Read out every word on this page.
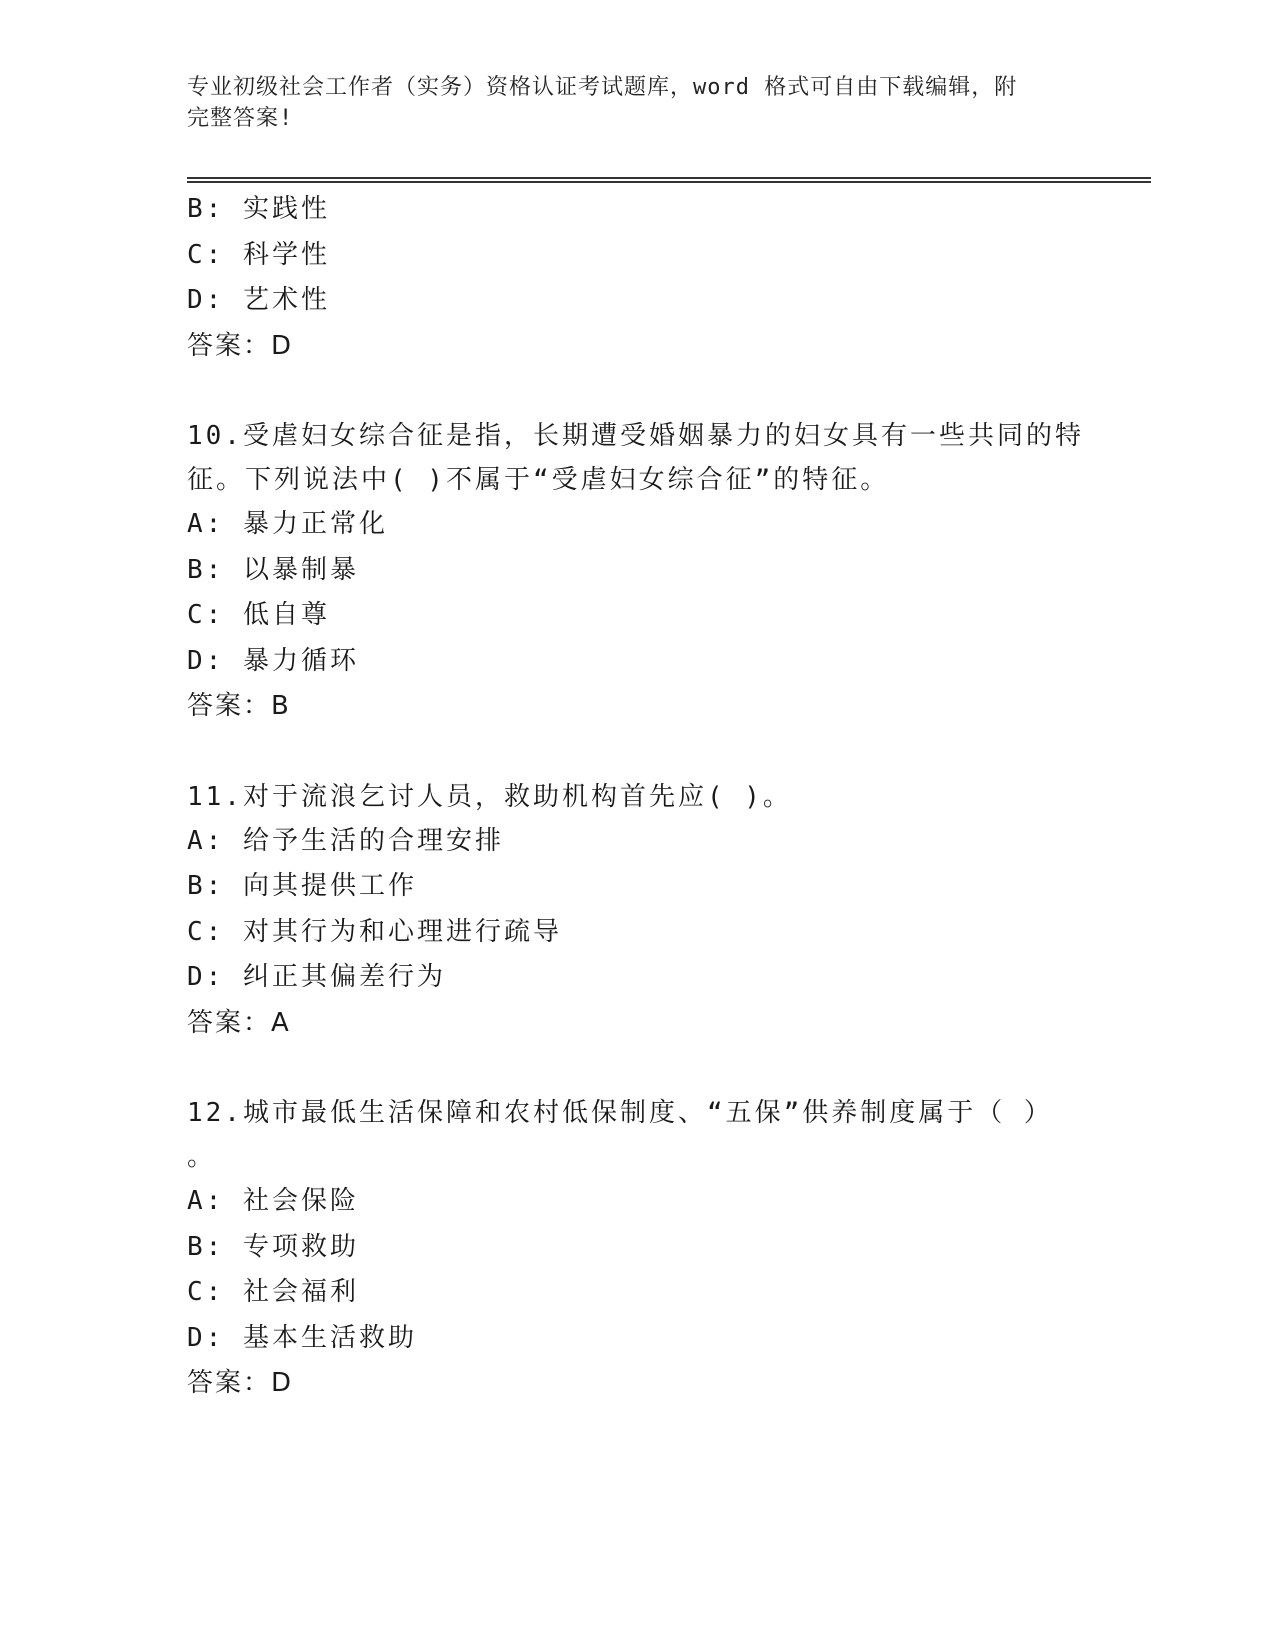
专业初级社会工作者（实务）资格认证考试题库，word 格式可自由下载编辑，附
完整答案!
B: 实践性
C: 科学性
D: 艺术性
答案：D
10.受虐妇女综合征是指，长期遭受婚姻暴力的妇女具有一些共同的特
征。下列说法中( )不属于“受虐妇女综合征”的特征。
A: 暴力正常化
B: 以暴制暴
C: 低自尊
D: 暴力循环
答案：B
11.对于流浪乞讨人员，救助机构首先应( )。
A: 给予生活的合理安排
B: 向其提供工作
C: 对其行为和心理进行疏导
D: 纠正其偏差行为
答案：A
12.城市最低生活保障和农村低保制度、“五保”供养制度属于（ ）
。
A: 社会保险
B: 专项救助
C: 社会福利
D: 基本生活救助
答案：D
